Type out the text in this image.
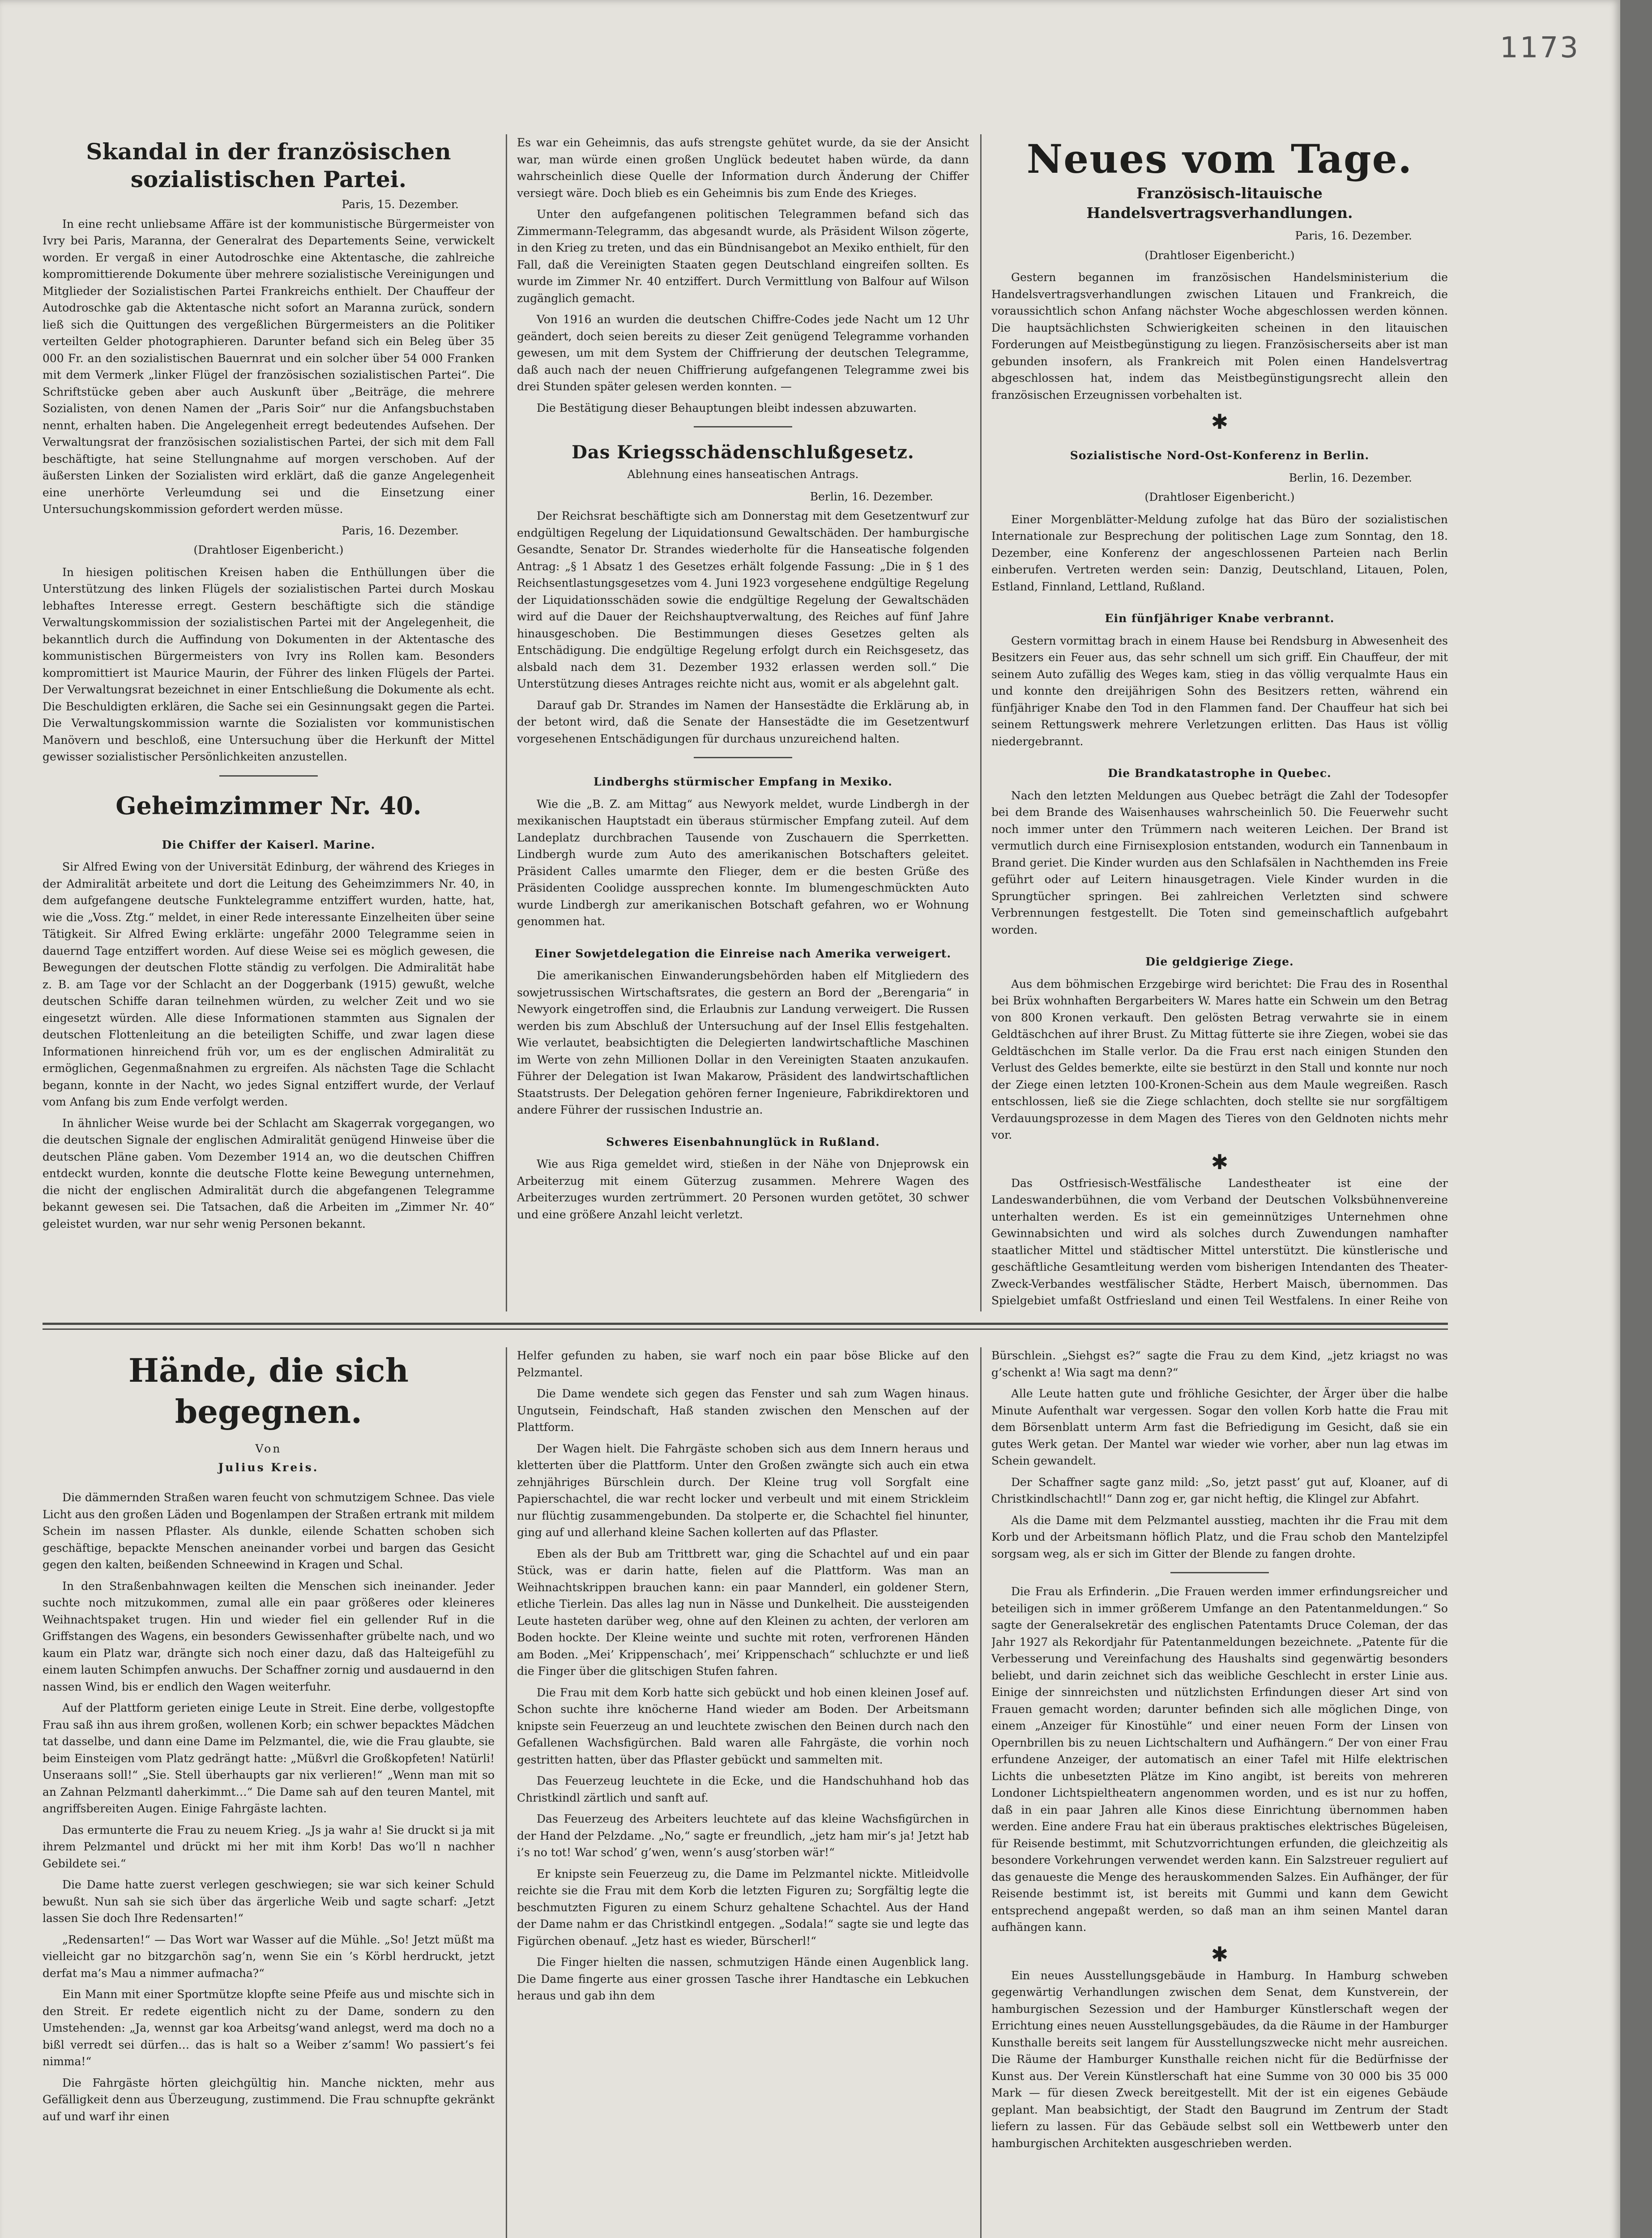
1173
Skandal in der französischen sozialistischen Partei.

Paris, 15. Dezember.

In eine recht unliebsame Affäre ist der kommunistische Bürgermeister von Ivry bei Paris, Maranna, der Generalrat des Departements Seine, verwickelt worden. Er vergaß in einer Autodroschke eine Aktentasche, die zahlreiche kompromittierende Dokumente über mehrere sozialistische Vereinigungen und Mitglieder der Sozialistischen Partei Frankreichs enthielt. Der Chauffeur der Autodroschke gab die Aktentasche nicht sofort an Maranna zurück, sondern ließ sich die Quittungen des vergeßlichen Bürgermeisters an die Politiker verteilten Gelder photographieren. Darunter befand sich ein Beleg über 35 000 Fr. an den sozialistischen Bauernrat und ein solcher über 54 000 Franken mit dem Vermerk „linker Flügel der französischen sozialistischen Partei“. Die Schriftstücke geben aber auch Auskunft über „Beiträge, die mehrere Sozialisten, von denen Namen der „Paris Soir“ nur die Anfangsbuchstaben nennt, erhalten haben. Die Angelegenheit erregt bedeutendes Aufsehen. Der Verwaltungsrat der französischen sozialistischen Partei, der sich mit dem Fall beschäftigte, hat seine Stellungnahme auf morgen verschoben. Auf der äußersten Linken der Sozialisten wird erklärt, daß die ganze Angelegenheit eine unerhörte Verleumdung sei und die Einsetzung einer Untersuchungskommission gefordert werden müsse.

Paris, 16. Dezember.

(Drahtloser Eigenbericht.)

In hiesigen politischen Kreisen haben die Enthüllungen über die Unterstützung des linken Flügels der sozialistischen Partei durch Moskau lebhaftes Interesse erregt. Gestern beschäftigte sich die ständige Verwaltungskommission der sozialistischen Partei mit der Angelegenheit, die bekanntlich durch die Auffindung von Dokumenten in der Aktentasche des kommunistischen Bürgermeisters von Ivry ins Rollen kam. Besonders kompromittiert ist Maurice Maurin, der Führer des linken Flügels der Partei. Der Verwaltungsrat bezeichnet in einer Entschließung die Dokumente als echt. Die Beschuldigten erklären, die Sache sei ein Gesinnungsakt gegen die Partei. Die Verwaltungskommission warnte die Sozialisten vor kommunistischen Manövern und beschloß, eine Untersuchung über die Herkunft der Mittel gewisser sozialistischer Persönlichkeiten anzustellen.

Geheimzimmer Nr. 40.

Die Chiffer der Kaiserl. Marine.

Sir Alfred Ewing von der Universität Edinburg, der während des Krieges in der Admiralität arbeitete und dort die Leitung des Geheimzimmers Nr. 40, in dem aufgefangene deutsche Funktelegramme entziffert wurden, hatte, hat, wie die „Voss. Ztg.“ meldet, in einer Rede interessante Einzelheiten über seine Tätigkeit. Sir Alfred Ewing erklärte: ungefähr 2000 Telegramme seien in dauernd Tage entziffert worden. Auf diese Weise sei es möglich gewesen, die Bewegungen der deutschen Flotte ständig zu verfolgen. Die Admiralität habe z. B. am Tage vor der Schlacht an der Doggerbank (1915) gewußt, welche deutschen Schiffe daran teilnehmen würden, zu welcher Zeit und wo sie eingesetzt würden. Alle diese Informationen stammten aus Signalen der deutschen Flottenleitung an die beteiligten Schiffe, und zwar lagen diese Informationen hinreichend früh vor, um es der englischen Admiralität zu ermöglichen, Gegenmaßnahmen zu ergreifen. Als nächsten Tage die Schlacht begann, konnte in der Nacht, wo jedes Signal entziffert wurde, der Verlauf vom Anfang bis zum Ende verfolgt werden.

In ähnlicher Weise wurde bei der Schlacht am Skagerrak vorgegangen, wo die deutschen Signale der englischen Admiralität genügend Hinweise über die deutschen Pläne gaben. Vom Dezember 1914 an, wo die deutschen Chiffren entdeckt wurden, konnte die deutsche Flotte keine Bewegung unternehmen, die nicht der englischen Admiralität durch die abgefangenen Telegramme bekannt gewesen sei. Die Tatsachen, daß die Arbeiten im „Zimmer Nr. 40“ geleistet wurden, war nur sehr wenig Personen bekannt.

Es war ein Geheimnis, das aufs strengste gehütet wurde, da sie der Ansicht war, man würde einen großen Unglück bedeutet haben würde, da dann wahrscheinlich diese Quelle der Information durch Änderung der Chiffer versiegt wäre. Doch blieb es ein Geheimnis bis zum Ende des Krieges.

Unter den aufgefangenen politischen Telegrammen befand sich das Zimmermann-Telegramm, das abgesandt wurde, als Präsident Wilson zögerte, in den Krieg zu treten, und das ein Bündnisangebot an Mexiko enthielt, für den Fall, daß die Vereinigten Staaten gegen Deutschland eingreifen sollten. Es wurde im Zimmer Nr. 40 entziffert. Durch Vermittlung von Balfour auf Wilson zugänglich gemacht.

Von 1916 an wurden die deutschen Chiffre-Codes jede Nacht um 12 Uhr geändert, doch seien bereits zu dieser Zeit genügend Telegramme vorhanden gewesen, um mit dem System der Chiffrierung der deutschen Telegramme, daß auch nach der neuen Chiffrierung aufgefangenen Telegramme zwei bis drei Stunden später gelesen werden konnten. —

Die Bestätigung dieser Behauptungen bleibt indessen abzuwarten.

Das Kriegsschädenschlußgesetz.

Ablehnung eines hanseatischen Antrags.

Berlin, 16. Dezember.

Der Reichsrat beschäftigte sich am Donnerstag mit dem Gesetzentwurf zur endgültigen Regelung der Liquidationsund Gewaltschäden. Der hamburgische Gesandte, Senator Dr. Strandes wiederholte für die Hanseatische folgenden Antrag: „§ 1 Absatz 1 des Gesetzes erhält folgende Fassung: „Die in § 1 des Reichsentlastungsgesetzes vom 4. Juni 1923 vorgesehene endgültige Regelung der Liquidationsschäden sowie die endgültige Regelung der Gewaltschäden wird auf die Dauer der Reichshauptverwaltung, des Reiches auf fünf Jahre hinausgeschoben. Die Bestimmungen dieses Gesetzes gelten als Entschädigung. Die endgültige Regelung erfolgt durch ein Reichsgesetz, das alsbald nach dem 31. Dezember 1932 erlassen werden soll.“ Die Unterstützung dieses Antrages reichte nicht aus, womit er als abgelehnt galt.

Darauf gab Dr. Strandes im Namen der Hansestädte die Erklärung ab, in der betont wird, daß die Senate der Hansestädte die im Gesetzentwurf vorgesehenen Entschädigungen für durchaus unzureichend halten.

Lindberghs stürmischer Empfang in Mexiko.

Wie die „B. Z. am Mittag“ aus Newyork meldet, wurde Lindbergh in der mexikanischen Hauptstadt ein überaus stürmischer Empfang zuteil. Auf dem Landeplatz durchbrachen Tausende von Zuschauern die Sperrketten. Lindbergh wurde zum Auto des amerikanischen Botschafters geleitet. Präsident Calles umarmte den Flieger, dem er die besten Grüße des Präsidenten Coolidge aussprechen konnte. Im blumengeschmückten Auto wurde Lindbergh zur amerikanischen Botschaft gefahren, wo er Wohnung genommen hat.

Einer Sowjetdelegation die Einreise nach Amerika verweigert.

Die amerikanischen Einwanderungsbehörden haben elf Mitgliedern des sowjetrussischen Wirtschaftsrates, die gestern an Bord der „Berengaria“ in Newyork eingetroffen sind, die Erlaubnis zur Landung verweigert. Die Russen werden bis zum Abschluß der Untersuchung auf der Insel Ellis festgehalten. Wie verlautet, beabsichtigten die Delegierten landwirtschaftliche Maschinen im Werte von zehn Millionen Dollar in den Vereinigten Staaten anzukaufen. Führer der Delegation ist Iwan Makarow, Präsident des landwirtschaftlichen Staatstrusts. Der Delegation gehören ferner Ingenieure, Fabrikdirektoren und andere Führer der russischen Industrie an.

Schweres Eisenbahnunglück in Rußland.

Wie aus Riga gemeldet wird, stießen in der Nähe von Dnjeprowsk ein Arbeiterzug mit einem Güterzug zusammen. Mehrere Wagen des Arbeiterzuges wurden zertrümmert. 20 Personen wurden getötet, 30 schwer und eine größere Anzahl leicht verletzt.

Neues vom Tage.

Französisch-litauische Handelsvertragsverhandlungen.

Paris, 16. Dezember.

(Drahtloser Eigenbericht.)

Gestern begannen im französischen Handelsministerium die Handelsvertragsverhandlungen zwischen Litauen und Frankreich, die voraussichtlich schon Anfang nächster Woche abgeschlossen werden können. Die hauptsächlichsten Schwierigkeiten scheinen in den litauischen Forderungen auf Meistbegünstigung zu liegen. Französischerseits aber ist man gebunden insofern, als Frankreich mit Polen einen Handelsvertrag abgeschlossen hat, indem das Meistbegünstigungsrecht allein den französischen Erzeugnissen vorbehalten ist.

✱

Sozialistische Nord-Ost-Konferenz in Berlin.

Berlin, 16. Dezember.

(Drahtloser Eigenbericht.)

Einer Morgenblätter-Meldung zufolge hat das Büro der sozialistischen Internationale zur Besprechung der politischen Lage zum Sonntag, den 18. Dezember, eine Konferenz der angeschlossenen Parteien nach Berlin einberufen. Vertreten werden sein: Danzig, Deutschland, Litauen, Polen, Estland, Finnland, Lettland, Rußland.

Ein fünfjähriger Knabe verbrannt.

Gestern vormittag brach in einem Hause bei Rendsburg in Abwesenheit des Besitzers ein Feuer aus, das sehr schnell um sich griff. Ein Chauffeur, der mit seinem Auto zufällig des Weges kam, stieg in das völlig verqualmte Haus ein und konnte den dreijährigen Sohn des Besitzers retten, während ein fünfjähriger Knabe den Tod in den Flammen fand. Der Chauffeur hat sich bei seinem Rettungswerk mehrere Verletzungen erlitten. Das Haus ist völlig niedergebrannt.

Die Brandkatastrophe in Quebec.

Nach den letzten Meldungen aus Quebec beträgt die Zahl der Todesopfer bei dem Brande des Waisenhauses wahrscheinlich 50. Die Feuerwehr sucht noch immer unter den Trümmern nach weiteren Leichen. Der Brand ist vermutlich durch eine Firnisexplosion entstanden, wodurch ein Tannenbaum in Brand geriet. Die Kinder wurden aus den Schlafsälen in Nachthemden ins Freie geführt oder auf Leitern hinausgetragen. Viele Kinder wurden in die Sprungtücher springen. Bei zahlreichen Verletzten sind schwere Verbrennungen festgestellt. Die Toten sind gemeinschaftlich aufgebahrt worden.

Die geldgierige Ziege.

Aus dem böhmischen Erzgebirge wird berichtet: Die Frau des in Rosenthal bei Brüx wohnhaften Bergarbeiters W. Mares hatte ein Schwein um den Betrag von 800 Kronen verkauft. Den gelösten Betrag verwahrte sie in einem Geldtäschchen auf ihrer Brust. Zu Mittag fütterte sie ihre Ziegen, wobei sie das Geldtäschchen im Stalle verlor. Da die Frau erst nach einigen Stunden den Verlust des Geldes bemerkte, eilte sie bestürzt in den Stall und konnte nur noch der Ziege einen letzten 100-Kronen-Schein aus dem Maule wegreißen. Rasch entschlossen, ließ sie die Ziege schlachten, doch stellte sie nur sorgfältigem Verdauungsprozesse in dem Magen des Tieres von den Geldnoten nichts mehr vor.

✱

Das Ostfriesisch-Westfälische Landestheater ist eine der Landeswanderbühnen, die vom Verband der Deutschen Volksbühnenvereine unterhalten werden. Es ist ein gemeinnütziges Unternehmen ohne Gewinnabsichten und wird als solches durch Zuwendungen namhafter staatlicher Mittel und städtischer Mittel unterstützt. Die künstlerische und geschäftliche Gesamtleitung werden vom bisherigen Intendanten des Theater-Zweck-Verbandes westfälischer Städte, Herbert Maisch, übernommen. Das Spielgebiet umfaßt Ostfriesland und einen Teil Westfalens. In einer Reihe von

Hände, die sich begegnen.

Von

Julius Kreis.

Die dämmernden Straßen waren feucht von schmutzigem Schnee. Das viele Licht aus den großen Läden und Bogenlampen der Straßen ertrank mit mildem Schein im nassen Pflaster. Als dunkle, eilende Schatten schoben sich geschäftige, bepackte Menschen aneinander vorbei und bargen das Gesicht gegen den kalten, beißenden Schneewind in Kragen und Schal.

In den Straßenbahnwagen keilten die Menschen sich ineinander. Jeder suchte noch mitzukommen, zumal alle ein paar größeres oder kleineres Weihnachtspaket trugen. Hin und wieder fiel ein gellender Ruf in die Griffstangen des Wagens, ein besonders Gewissenhafter grübelte nach, und wo kaum ein Platz war, drängte sich noch einer dazu, daß das Halteigefühl zu einem lauten Schimpfen anwuchs. Der Schaffner zornig und ausdauernd in den nassen Wind, bis er endlich den Wagen weiterfuhr.

Auf der Plattform gerieten einige Leute in Streit. Eine derbe, vollgestopfte Frau saß ihn aus ihrem großen, wollenen Korb; ein schwer bepacktes Mädchen tat dasselbe, und dann eine Dame im Pelzmantel, die, wie die Frau glaubte, sie beim Einsteigen vom Platz gedrängt hatte: „Müßvrl die Großkopfeten! Natürli! Unseraans soll!“ „Sie. Stell überhaupts gar nix verlieren!“ „Wenn man mit so an Zahnan Pelzmantl daherkimmt…“ Die Dame sah auf den teuren Mantel, mit angriffsbereiten Augen. Einige Fahrgäste lachten.

Das ermunterte die Frau zu neuem Krieg. „Js ja wahr a! Sie druckt si ja mit ihrem Pelzmantel und drückt mi her mit ihm Korb! Das wo’ll n nachher Gebildete sei.“

Die Dame hatte zuerst verlegen geschwiegen; sie war sich keiner Schuld bewußt. Nun sah sie sich über das ärgerliche Weib und sagte scharf: „Jetzt lassen Sie doch Ihre Redensarten!“

„Redensarten!“ — Das Wort war Wasser auf die Mühle. „So! Jetzt müßt ma vielleicht gar no bitzgarchön sag’n, wenn Sie ein ’s Körbl herdruckt, jetzt derfat ma’s Mau a nimmer aufmacha?“

Ein Mann mit einer Sportmütze klopfte seine Pfeife aus und mischte sich in den Streit. Er redete eigentlich nicht zu der Dame, sondern zu den Umstehenden: „Ja, wennst gar koa Arbeitsg’wand anlegst, werd ma doch no a bißl verredt sei dürfen… das is halt so a Weiber z’samm! Wo passiert’s fei nimma!“

Die Fahrgäste hörten gleichgültig hin. Manche nickten, mehr aus Gefälligkeit denn aus Überzeugung, zustimmend. Die Frau schnupfte gekränkt auf und warf ihr einen

Helfer gefunden zu haben, sie warf noch ein paar böse Blicke auf den Pelzmantel.

Die Dame wendete sich gegen das Fenster und sah zum Wagen hinaus. Ungutsein, Feindschaft, Haß standen zwischen den Menschen auf der Plattform.

Der Wagen hielt. Die Fahrgäste schoben sich aus dem Innern heraus und kletterten über die Plattform. Unter den Großen zwängte sich auch ein etwa zehnjähriges Bürschlein durch. Der Kleine trug voll Sorgfalt eine Papierschachtel, die war recht locker und verbeult und mit einem Strickleim nur flüchtig zusammengebunden. Da stolperte er, die Schachtel fiel hinunter, ging auf und allerhand kleine Sachen kollerten auf das Pflaster.

Eben als der Bub am Trittbrett war, ging die Schachtel auf und ein paar Stück, was er darin hatte, fielen auf die Plattform. Was man an Weihnachtskrippen brauchen kann: ein paar Mannderl, ein goldener Stern, etliche Tierlein. Das alles lag nun in Nässe und Dunkelheit. Die aussteigenden Leute hasteten darüber weg, ohne auf den Kleinen zu achten, der verloren am Boden hockte. Der Kleine weinte und suchte mit roten, verfrorenen Händen am Boden. „Mei’ Krippenschach’, mei’ Krippenschach“ schluchzte er und ließ die Finger über die glitschigen Stufen fahren.

Die Frau mit dem Korb hatte sich gebückt und hob einen kleinen Josef auf. Schon suchte ihre knöcherne Hand wieder am Boden. Der Arbeitsmann knipste sein Feuerzeug an und leuchtete zwischen den Beinen durch nach den Gefallenen Wachsfigürchen. Bald waren alle Fahrgäste, die vorhin noch gestritten hatten, über das Pflaster gebückt und sammelten mit.

Das Feuerzeug leuchtete in die Ecke, und die Handschuhhand hob das Christkindl zärtlich und sanft auf.

Das Feuerzeug des Arbeiters leuchtete auf das kleine Wachsfigürchen in der Hand der Pelzdame. „No,“ sagte er freundlich, „jetz ham mir’s ja! Jetzt hab i’s no tot! War schod’ g’wen, wenn’s ausg’storben wär!“

Er knipste sein Feuerzeug zu, die Dame im Pelzmantel nickte. Mitleidvolle reichte sie die Frau mit dem Korb die letzten Figuren zu; Sorgfältig legte die beschmutzten Figuren zu einem Schurz gehaltene Schachtel. Aus der Hand der Dame nahm er das Christkindl entgegen. „Sodala!“ sagte sie und legte das Figürchen obenauf. „Jetz hast es wieder, Bürscherl!“

Die Finger hielten die nassen, schmutzigen Hände einen Augenblick lang. Die Dame fingerte aus einer grossen Tasche ihrer Handtasche ein Lebkuchen heraus und gab ihn dem

Bürschlein. „Siehgst es?“ sagte die Frau zu dem Kind, „jetz kriagst no was g’schenkt a! Wia sagt ma denn?“

Alle Leute hatten gute und fröhliche Gesichter, der Ärger über die halbe Minute Aufenthalt war vergessen. Sogar den vollen Korb hatte die Frau mit dem Börsenblatt unterm Arm fast die Befriedigung im Gesicht, daß sie ein gutes Werk getan. Der Mantel war wieder wie vorher, aber nun lag etwas im Schein gewandelt.

Der Schaffner sagte ganz mild: „So, jetzt passt’ gut auf, Kloaner, auf di Christkindlschachtl!“ Dann zog er, gar nicht heftig, die Klingel zur Abfahrt.

Als die Dame mit dem Pelzmantel ausstieg, machten ihr die Frau mit dem Korb und der Arbeitsmann höflich Platz, und die Frau schob den Mantelzipfel sorgsam weg, als er sich im Gitter der Blende zu fangen drohte.

Die Frau als Erfinderin. „Die Frauen werden immer erfindungsreicher und beteiligen sich in immer größerem Umfange an den Patentanmeldungen.“ So sagte der Generalsekretär des englischen Patentamts Druce Coleman, der das Jahr 1927 als Rekordjahr für Patentanmeldungen bezeichnete. „Patente für die Verbesserung und Vereinfachung des Haushalts sind gegenwärtig besonders beliebt, und darin zeichnet sich das weibliche Geschlecht in erster Linie aus. Einige der sinnreichsten und nützlichsten Erfindungen dieser Art sind von Frauen gemacht worden; darunter befinden sich alle möglichen Dinge, von einem „Anzeiger für Kinostühle“ und einer neuen Form der Linsen von Opernbrillen bis zu neuen Lichtschaltern und Aufhängern.“ Der von einer Frau erfundene Anzeiger, der automatisch an einer Tafel mit Hilfe elektrischen Lichts die unbesetzten Plätze im Kino angibt, ist bereits von mehreren Londoner Lichtspieltheatern angenommen worden, und es ist nur zu hoffen, daß in ein paar Jahren alle Kinos diese Einrichtung übernommen haben werden. Eine andere Frau hat ein überaus praktisches elektrisches Bügeleisen, für Reisende bestimmt, mit Schutzvorrichtungen erfunden, die gleichzeitig als besondere Vorkehrungen verwendet werden kann. Ein Salzstreuer reguliert auf das genaueste die Menge des herauskommenden Salzes. Ein Aufhänger, der für Reisende bestimmt ist, ist bereits mit Gummi und kann dem Gewicht entsprechend angepaßt werden, so daß man an ihm seinen Mantel daran aufhängen kann.

✱

Ein neues Ausstellungsgebäude in Hamburg. In Hamburg schweben gegenwärtig Verhandlungen zwischen dem Senat, dem Kunstverein, der hamburgischen Sezession und der Hamburger Künstlerschaft wegen der Errichtung eines neuen Ausstellungsgebäudes, da die Räume in der Hamburger Kunsthalle bereits seit langem für Ausstellungszwecke nicht mehr ausreichen. Die Räume der Hamburger Kunsthalle reichen nicht für die Bedürfnisse der Kunst aus. Der Verein Künstlerschaft hat eine Summe von 30 000 bis 35 000 Mark — für diesen Zweck bereitgestellt. Mit der ist ein eigenes Gebäude geplant. Man beabsichtigt, der Stadt den Baugrund im Zentrum der Stadt liefern zu lassen. Für das Gebäude selbst soll ein Wettbewerb unter den hamburgischen Architekten ausgeschrieben werden.
